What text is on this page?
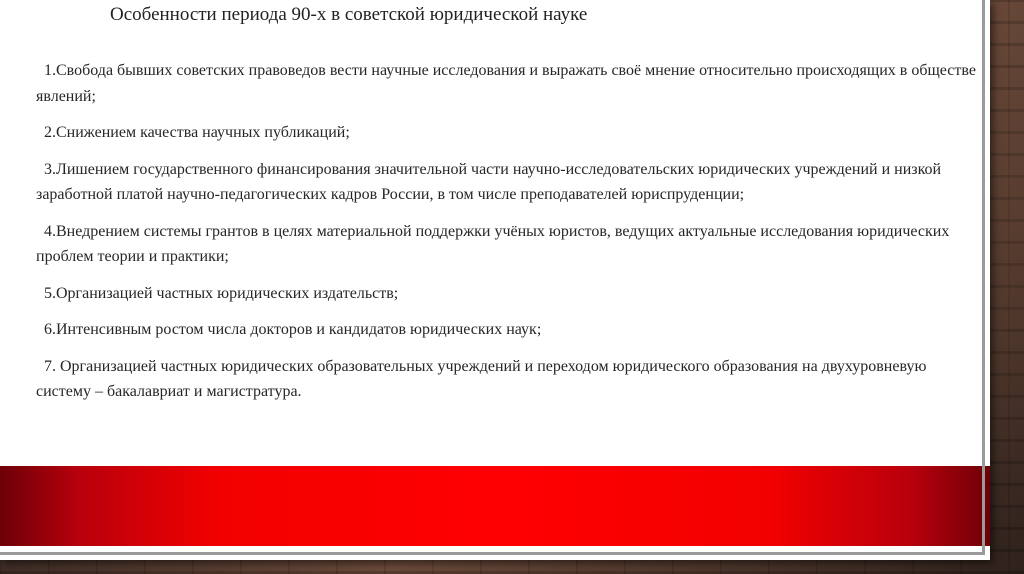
Особенности периода 90-х в советской юридической науке

1.Свобода бывших советских правоведов вести научные исследования и выражать своё мнение относительно происходящих в обществе явлений;

2.Снижением качества научных публикаций;

3.Лишением государственного финансирования значительной части научно-исследовательских юридических учреждений и низкой заработной платой научно-педагогических кадров России, в том числе преподавателей юриспруденции;

4.Внедрением системы грантов в целях материальной поддержки учёных юристов, ведущих актуальные исследования юридических проблем теории и практики;

5.Организацией частных юридических издательств;

6.Интенсивным ростом числа докторов и кандидатов юридических наук;

7. Организацией частных юридических образовательных учреждений и переходом юридического образования на двухуровневую систему – бакалавриат и магистратура.
